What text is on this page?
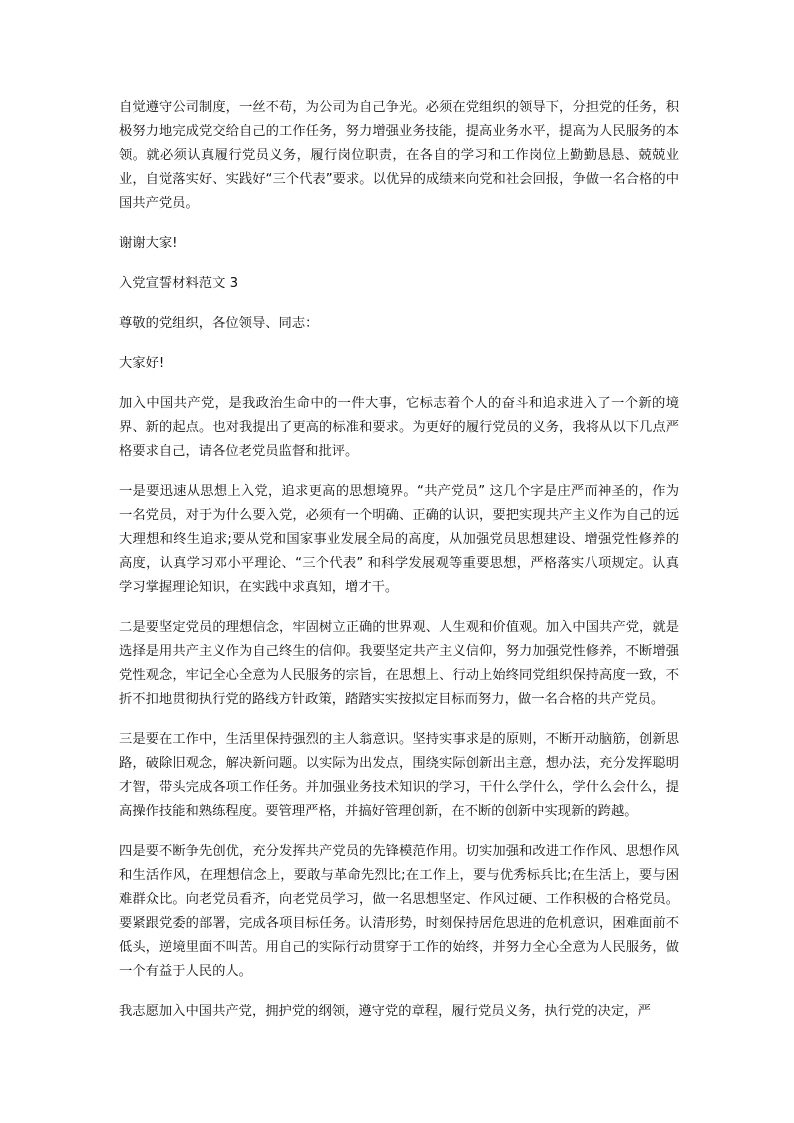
自觉遵守公司制度，一丝不苟，为公司为自己争光。必须在党组织的领导下，分担党的任务，积极努力地完成党交给自己的工作任务，努力增强业务技能，提高业务水平，提高为人民服务的本领。就必须认真履行党员义务，履行岗位职责，在各自的学习和工作岗位上勤勤恳恳、兢兢业业，自觉落实好、实践好“三个代表”要求。以优异的成绩来向党和社会回报，争做一名合格的中国共产党员。

谢谢大家!

入党宣誓材料范文 3

尊敬的党组织，各位领导、同志：

大家好!

加入中国共产党，是我政治生命中的一件大事，它标志着个人的奋斗和追求进入了一个新的境界、新的起点。也对我提出了更高的标准和要求。为更好的履行党员的义务，我将从以下几点严格要求自己，请各位老党员监督和批评。

一是要迅速从思想上入党，追求更高的思想境界。“共产党员” 这几个字是庄严而神圣的，作为一名党员，对于为什么要入党，必须有一个明确、正确的认识，要把实现共产主义作为自己的远大理想和终生追求;要从党和国家事业发展全局的高度，从加强党员思想建设、增强党性修养的高度，认真学习邓小平理论、“三个代表” 和科学发展观等重要思想，严格落实八项规定。认真学习掌握理论知识，在实践中求真知，增才干。

二是要坚定党员的理想信念，牢固树立正确的世界观、人生观和价值观。加入中国共产党，就是选择是用共产主义作为自己终生的信仰。我要坚定共产主义信仰，努力加强党性修养，不断增强党性观念，牢记全心全意为人民服务的宗旨，在思想上、行动上始终同党组织保持高度一致，不折不扣地贯彻执行党的路线方针政策，踏踏实实按拟定目标而努力，做一名合格的共产党员。

三是要在工作中，生活里保持强烈的主人翁意识。坚持实事求是的原则，不断开动脑筋，创新思路，破除旧观念，解决新问题。以实际为出发点，围绕实际创新出主意，想办法，充分发挥聪明才智，带头完成各项工作任务。并加强业务技术知识的学习，干什么学什么，学什么会什么，提高操作技能和熟练程度。要管理严格，并搞好管理创新，在不断的创新中实现新的跨越。

四是要不断争先创优，充分发挥共产党员的先锋模范作用。切实加强和改进工作作风、思想作风和生活作风，在理想信念上，要敢与革命先烈比;在工作上，要与优秀标兵比;在生活上，要与困难群众比。向老党员看齐，向老党员学习，做一名思想坚定、作风过硬、工作积极的合格党员。要紧跟党委的部署，完成各项目标任务。认清形势，时刻保持居危思进的危机意识，困难面前不低头，逆境里面不叫苦。用自己的实际行动贯穿于工作的始终，并努力全心全意为人民服务，做一个有益于人民的人。

我志愿加入中国共产党，拥护党的纲领，遵守党的章程，履行党员义务，执行党的决定，严
